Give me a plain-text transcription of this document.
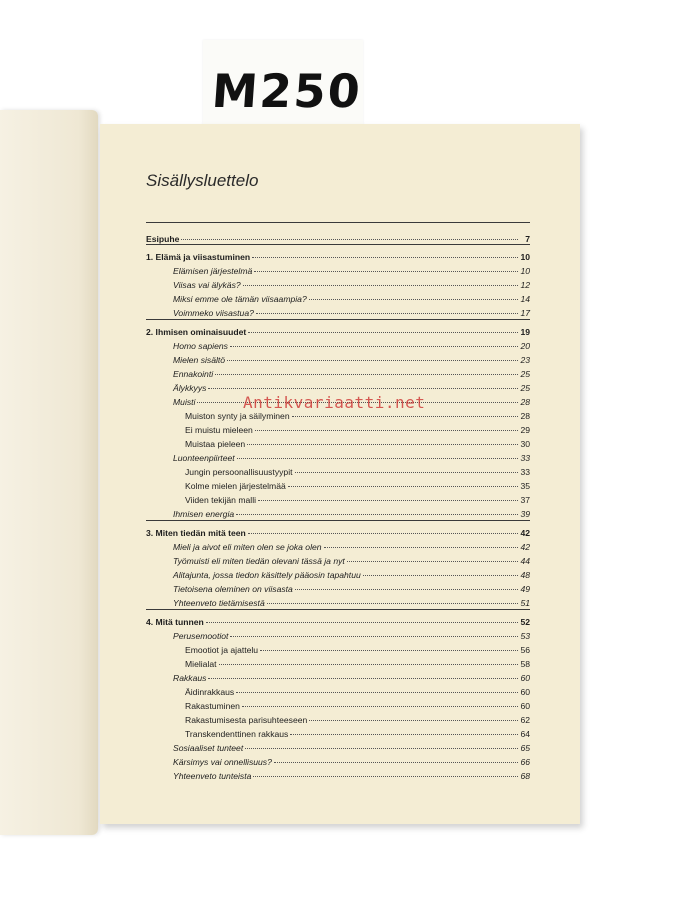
M250
Sisällysluettelo
Esipuhe	7
1. Elämä ja viisastuminen	10
Elämisen järjestelmä	10
Viisas vai älykäs?	12
Miksi emme ole tämän viisaampia?	14
Voimmeko viisastua?	17
2. Ihmisen ominaisuudet	19
Homo sapiens	20
Mielen sisältö	23
Ennakointi	25
Älykkyys	25
Muisti	28
Muiston synty ja säilyminen	28
Ei muistu mieleen	29
Muistaa pieleen	30
Luonteenpiirteet	33
Jungin persoonallisuustyypit	33
Kolme mielen järjestelmää	35
Viiden tekijän malli	37
Ihmisen energia	39
3. Miten tiedän mitä teen	42
Mieli ja aivot eli miten olen se joka olen	42
Työmuisti eli miten tiedän olevani tässä ja nyt	44
Alitajunta, jossa tiedon käsittely pääosin tapahtuu	48
Tietoisena oleminen on viisasta	49
Yhteenveto tietämisestä	51
4. Mitä tunnen	52
Perusemootiot	53
Emootiot ja ajattelu	56
Mielialat	58
Rakkaus	60
Äidinrakkaus	60
Rakastuminen	60
Rakastumisesta parisuhteeseen	62
Transkendenttinen rakkaus	64
Sosiaaliset tunteet	65
Kärsimys vai onnellisuus?	66
Yhteenveto tunteista	68
Antikvariaatti.net
